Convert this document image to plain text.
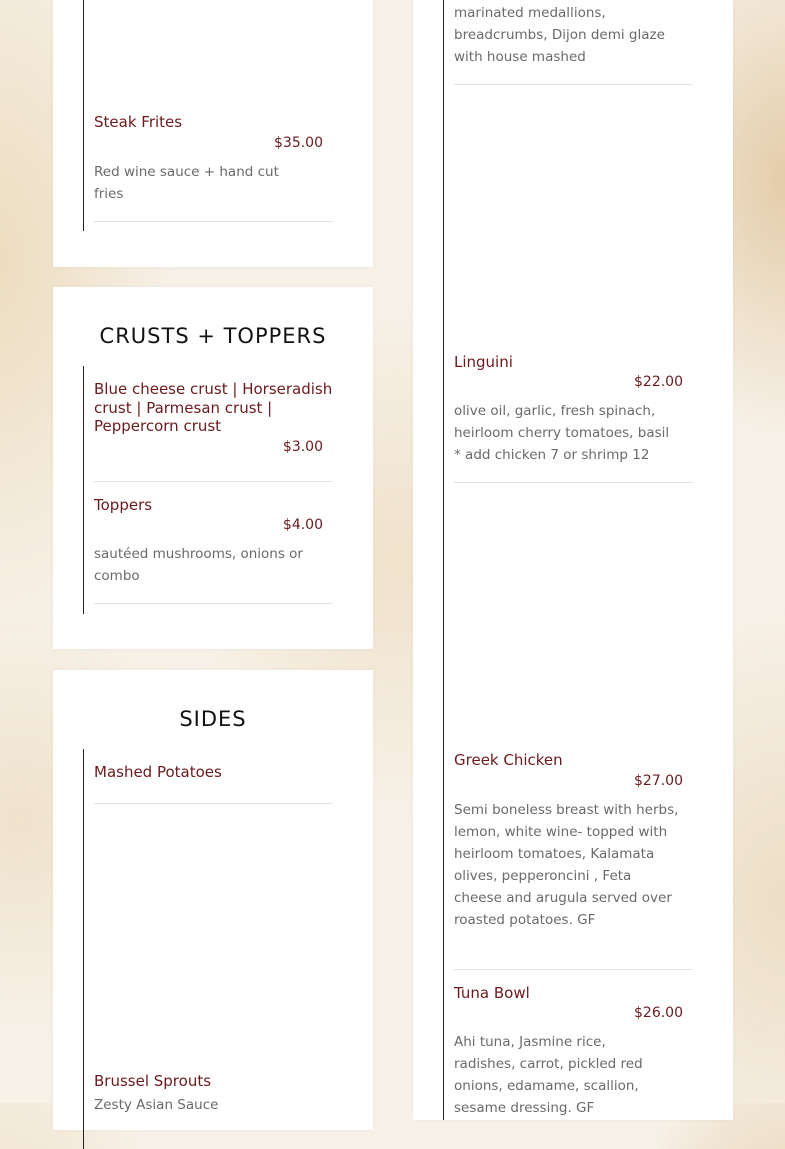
Steak Frites
$35.00
Red wine sauce + hand cut fries
CRUSTS + TOPPERS
Blue cheese crust | Horseradish
crust | Parmesan crust |
Peppercorn crust
$3.00
Toppers
$4.00
sautéed mushrooms, onions or combo
SIDES
Mashed Potatoes
Brussel Sprouts
Zesty Asian Sauce
marinated medallions, breadcrumbs, Dijon demi glaze with house mashed
Linguini
$22.00
olive oil, garlic, fresh spinach, heirloom cherry tomatoes, basil * add chicken 7 or shrimp 12
Greek Chicken
$27.00
Semi boneless breast with herbs, lemon, white wine- topped with heirloom tomatoes, Kalamata olives, pepperoncini , Feta cheese and arugula served over roasted potatoes. GF
Tuna Bowl
$26.00
Ahi tuna, Jasmine rice, radishes, carrot, pickled red onions, edamame, scallion, sesame dressing. GF
